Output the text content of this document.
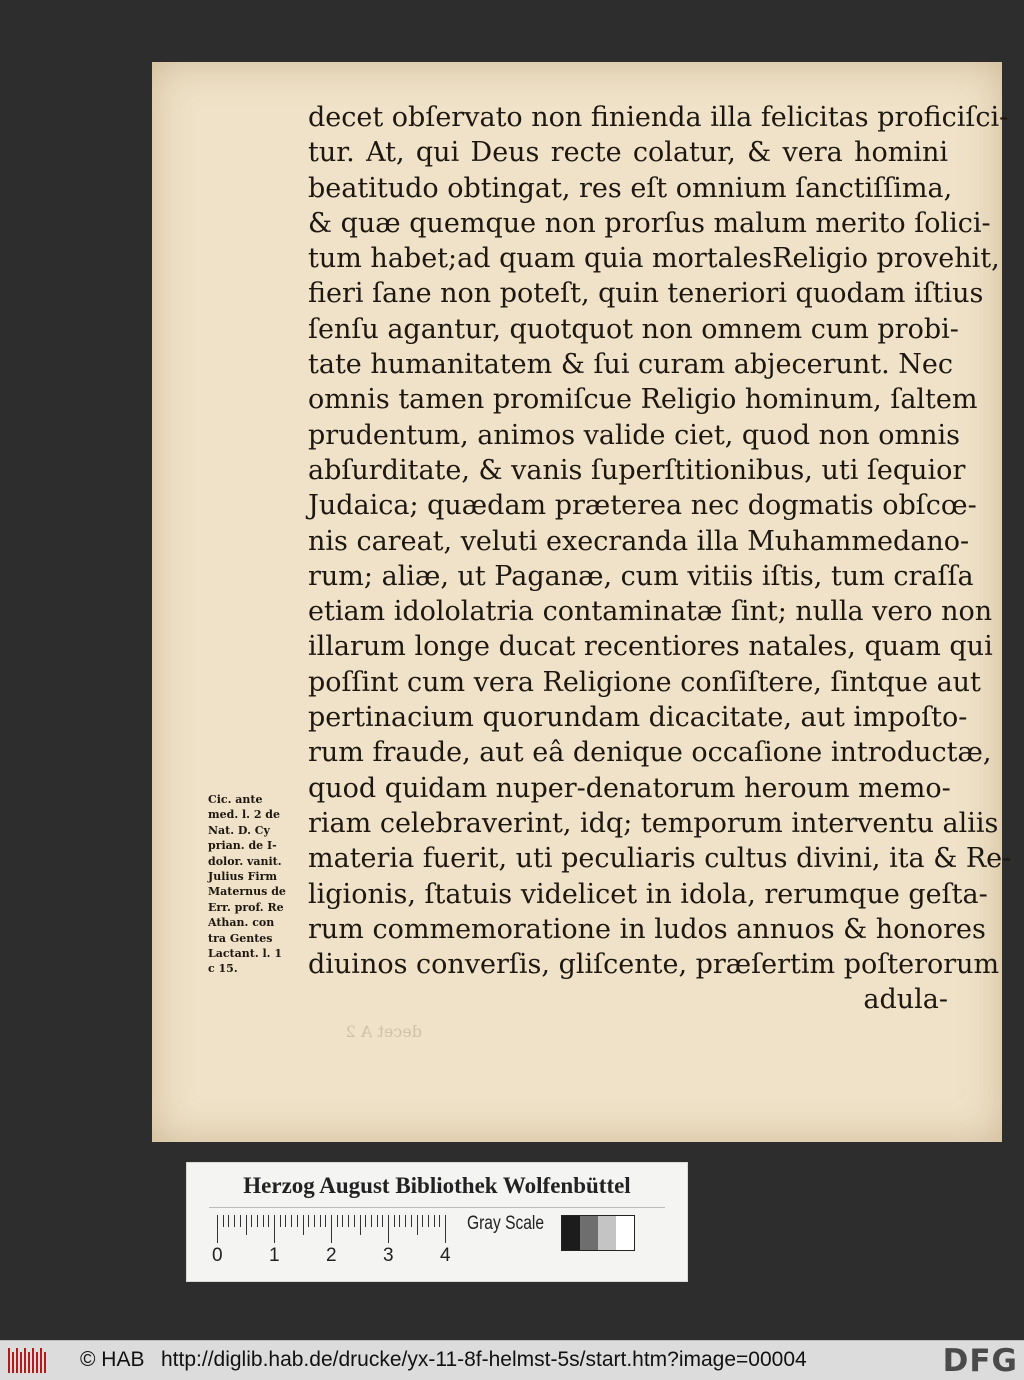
decet A 2
decet obſervato non finienda illa felicitas proficiſci-
tur. At, qui Deus recte colatur, & vera homini
beatitudo obtingat, res eſt omnium ſanctiſſima,
& quæ quemque non prorſus malum merito ſolici-
tum habet;ad quam quia mortalesReligio provehit,
fieri ſane non poteſt, quin teneriori quodam iſtius
ſenſu agantur, quotquot non omnem cum probi-
tate humanitatem & ſui curam abjecerunt. Nec
omnis tamen promiſcue Religio hominum, ſaltem
prudentum, animos valide ciet, quod non omnis
abſurditate, & vanis ſuperſtitionibus, uti ſequior
Judaica; quædam præterea nec dogmatis obſcœ-
nis careat, veluti execranda illa Muhammedano-
rum; aliæ, ut Paganæ, cum vitiis iſtis, tum craſſa
etiam idololatria contaminatæ ſint; nulla vero non
illarum longe ducat recentiores natales, quam qui
poſſint cum vera Religione conſiſtere, ſintque aut
pertinacium quorundam dicacitate, aut impoſto-
rum fraude, aut eâ denique occaſione introductæ,
quod quidam nuper-denatorum heroum memo-
riam celebraverint, idq; temporum interventu aliis
materia fuerit, uti peculiaris cultus divini, ita & Re-
ligionis, ſtatuis videlicet in idola, rerumque geſta-
rum commemoratione in ludos annuos & honores
diuinos converſis, gliſcente, præſertim poſterorum
adula-
Cic. ante
med. l. 2 de
Nat. D. Cy
prian. de I-
dolor. vanit.
Julius Firm
Maternus de
Err. prof. Re
Athan. con
tra Gentes
Lactant. l. 1
c 15.
Herzog August Bibliothek Wolfenbüttel
0 1 2 3 4
Gray Scale
© HAB http://diglib.hab.de/drucke/yx-11-8f-helmst-5s/start.htm?image=00004	DFG
